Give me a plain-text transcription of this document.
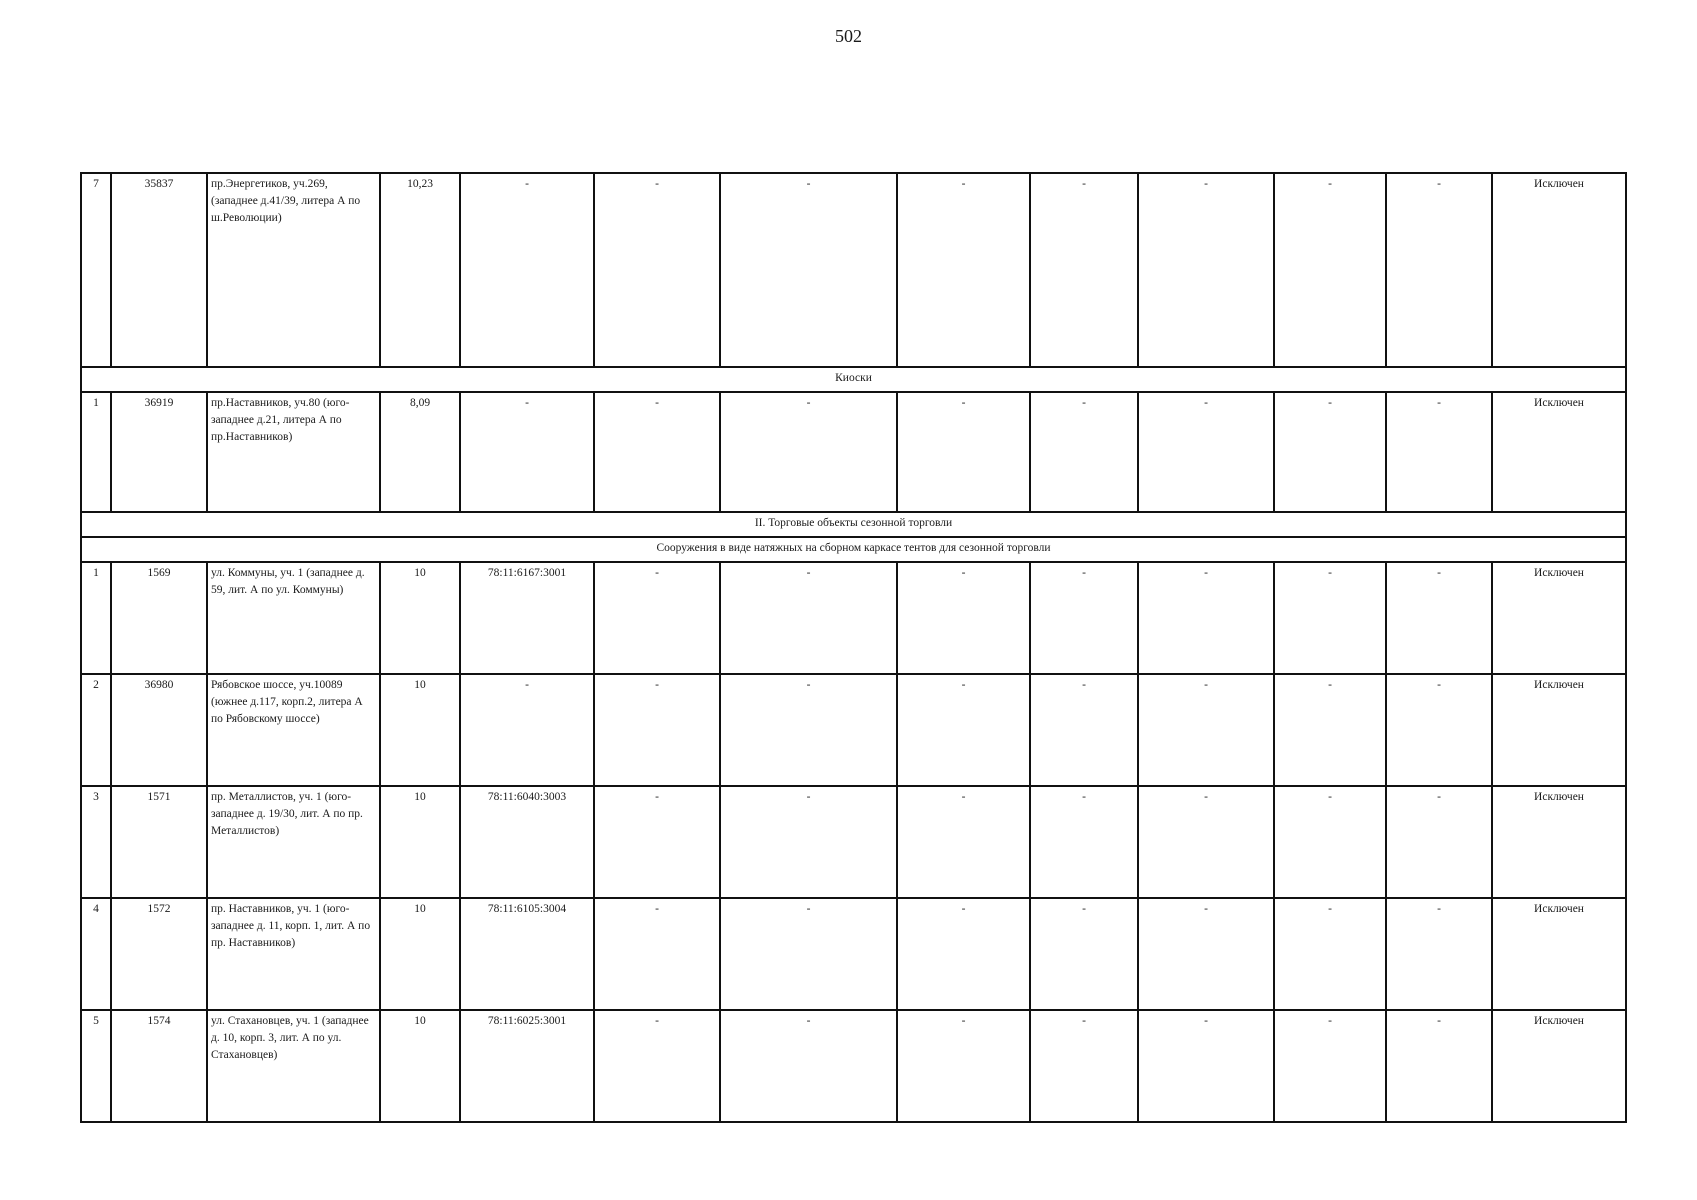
502
7	35837	пр.Энергетиков, уч.269, (западнее д.41/39, литера А по ш.Революции)	10,23	-	-	-	-	-	-	-	-	Исключен
Киоски												
1	36919	пр.Наставников, уч.80 (юго-западнее д.21, литера А по пр.Наставников)	8,09	-	-	-	-	-	-	-	-	Исключен
II. Торговые объекты сезонной торговли												
Сооружения в виде натяжных на сборном каркасе тентов для сезонной торговли												
1	1569	ул. Коммуны, уч. 1 (западнее д. 59, лит. А по ул. Коммуны)	10	78:11:6167:3001	-	-	-	-	-	-	-	Исключен
2	36980	Рябовское шоссе, уч.10089 (южнее д.117, корп.2, литера А по Рябовскому шоссе)	10	-	-	-	-	-	-	-	-	Исключен
3	1571	пр. Металлистов, уч. 1 (юго-западнее д. 19/30, лит. А по пр. Металлистов)	10	78:11:6040:3003	-	-	-	-	-	-	-	Исключен
4	1572	пр. Наставников, уч. 1 (юго-западнее д. 11, корп. 1, лит. А по пр. Наставников)	10	78:11:6105:3004	-	-	-	-	-	-	-	Исключен
5	1574	ул. Стахановцев, уч. 1 (западнее д. 10, корп. 3, лит. А по ул. Стахановцев)	10	78:11:6025:3001	-	-	-	-	-	-	-	Исключен
